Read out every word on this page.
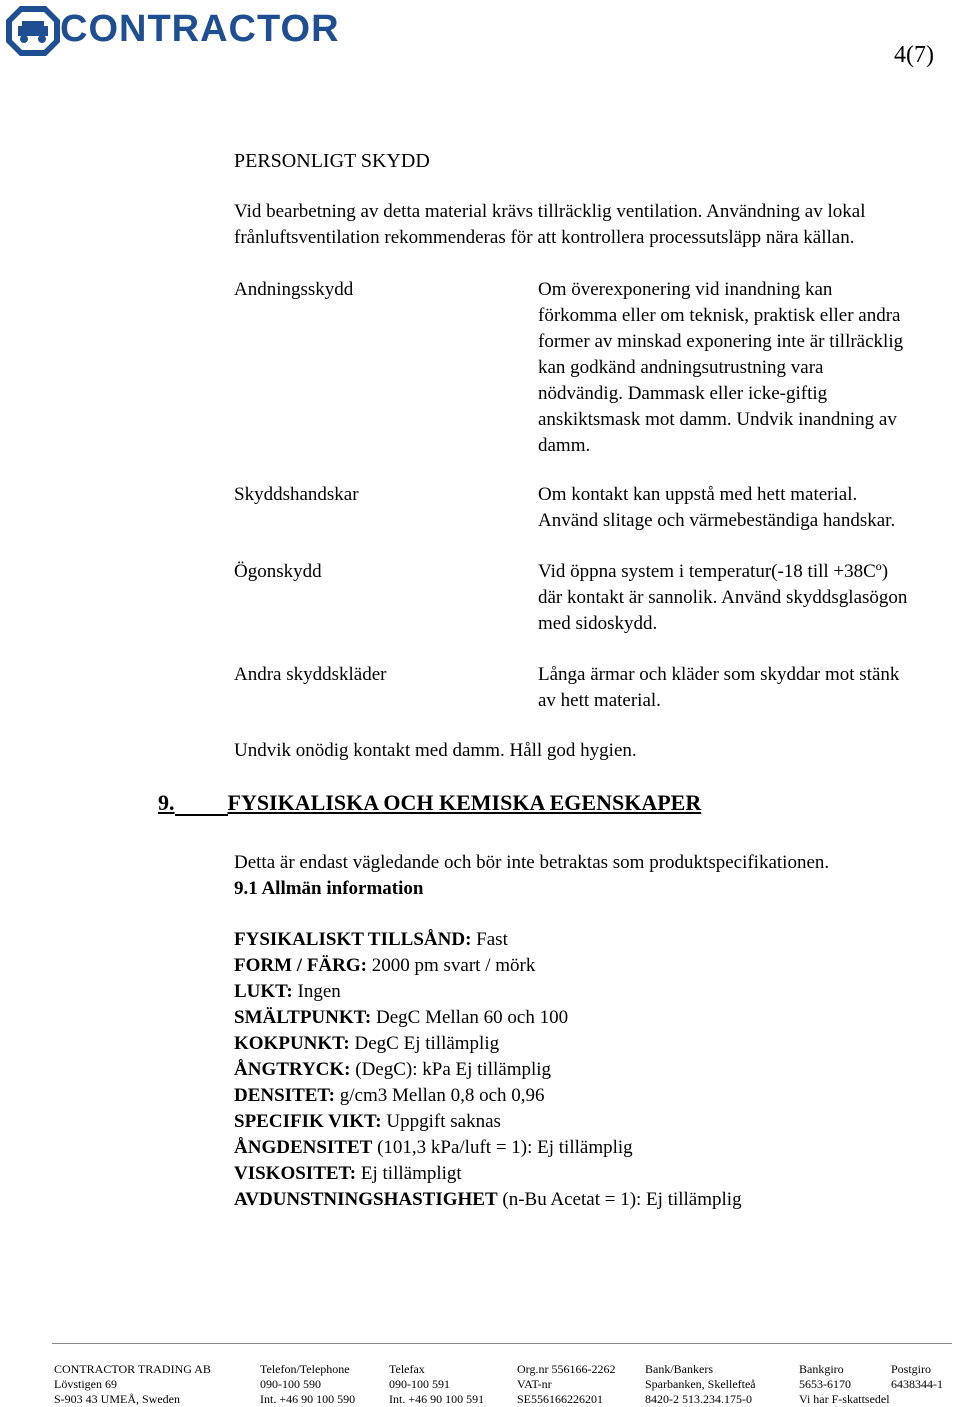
CONTRACTOR
4(7)
PERSONLIGT SKYDD
Vid bearbetning av detta material krävs tillräcklig ventilation. Användning av lokal
frånluftsventilation rekommenderas för att kontrollera processutsläpp nära källan.
Andningsskydd	Om överexponering vid inandning kan
förkomma eller om teknisk, praktisk eller andra
former av minskad exponering inte är tillräcklig
kan godkänd andningsutrustning vara
nödvändig. Dammask eller icke-giftig
anskiktsmask mot damm. Undvik inandning av
damm.
Skyddshandskar	Om kontakt kan uppstå med hett material.
Använd slitage och värmebeständiga handskar.
Ögonskydd	Vid öppna system i temperatur(-18 till +38Cº)
där kontakt är sannolik. Använd skyddsglasögon
med sidoskydd.
Andra skyddskläder	Långa ärmar och kläder som skyddar mot stänk
av hett material.
Undvik onödig kontakt med damm. Håll god hygien.
9. FYSIKALISKA OCH KEMISKA EGENSKAPER
Detta är endast vägledande och bör inte betraktas som produktspecifikationen.
9.1 Allmän information
FYSIKALISKT TILLSÅND: Fast
FORM / FÄRG: 2000 pm svart / mörk
LUKT: Ingen
SMÄLTPUNKT: DegC Mellan 60 och 100
KOKPUNKT: DegC Ej tillämplig
ÅNGTRYCK: (DegC): kPa Ej tillämplig
DENSITET: g/cm3 Mellan 0,8 och 0,96
SPECIFIK VIKT: Uppgift saknas
ÅNGDENSITET (101,3 kPa/luft = 1): Ej tillämplig
VISKOSITET: Ej tillämpligt
AVDUNSTNINGSHASTIGHET (n-Bu Acetat = 1): Ej tillämplig
CONTRACTOR TRADING AB
Lövstigen 69
S-903 43 UMEÅ, Sweden
Telefon/Telephone
090-100 590
Int. +46 90 100 590
Telefax
090-100 591
Int. +46 90 100 591
Org.nr 556166-2262
VAT-nr
SE556166226201
Bank/Bankers
Sparbanken, Skellefteå
8420-2 513.234.175-0
Bankgiro
5653-6170
Vi har F-skattsedel
Postgiro
6438344-1
